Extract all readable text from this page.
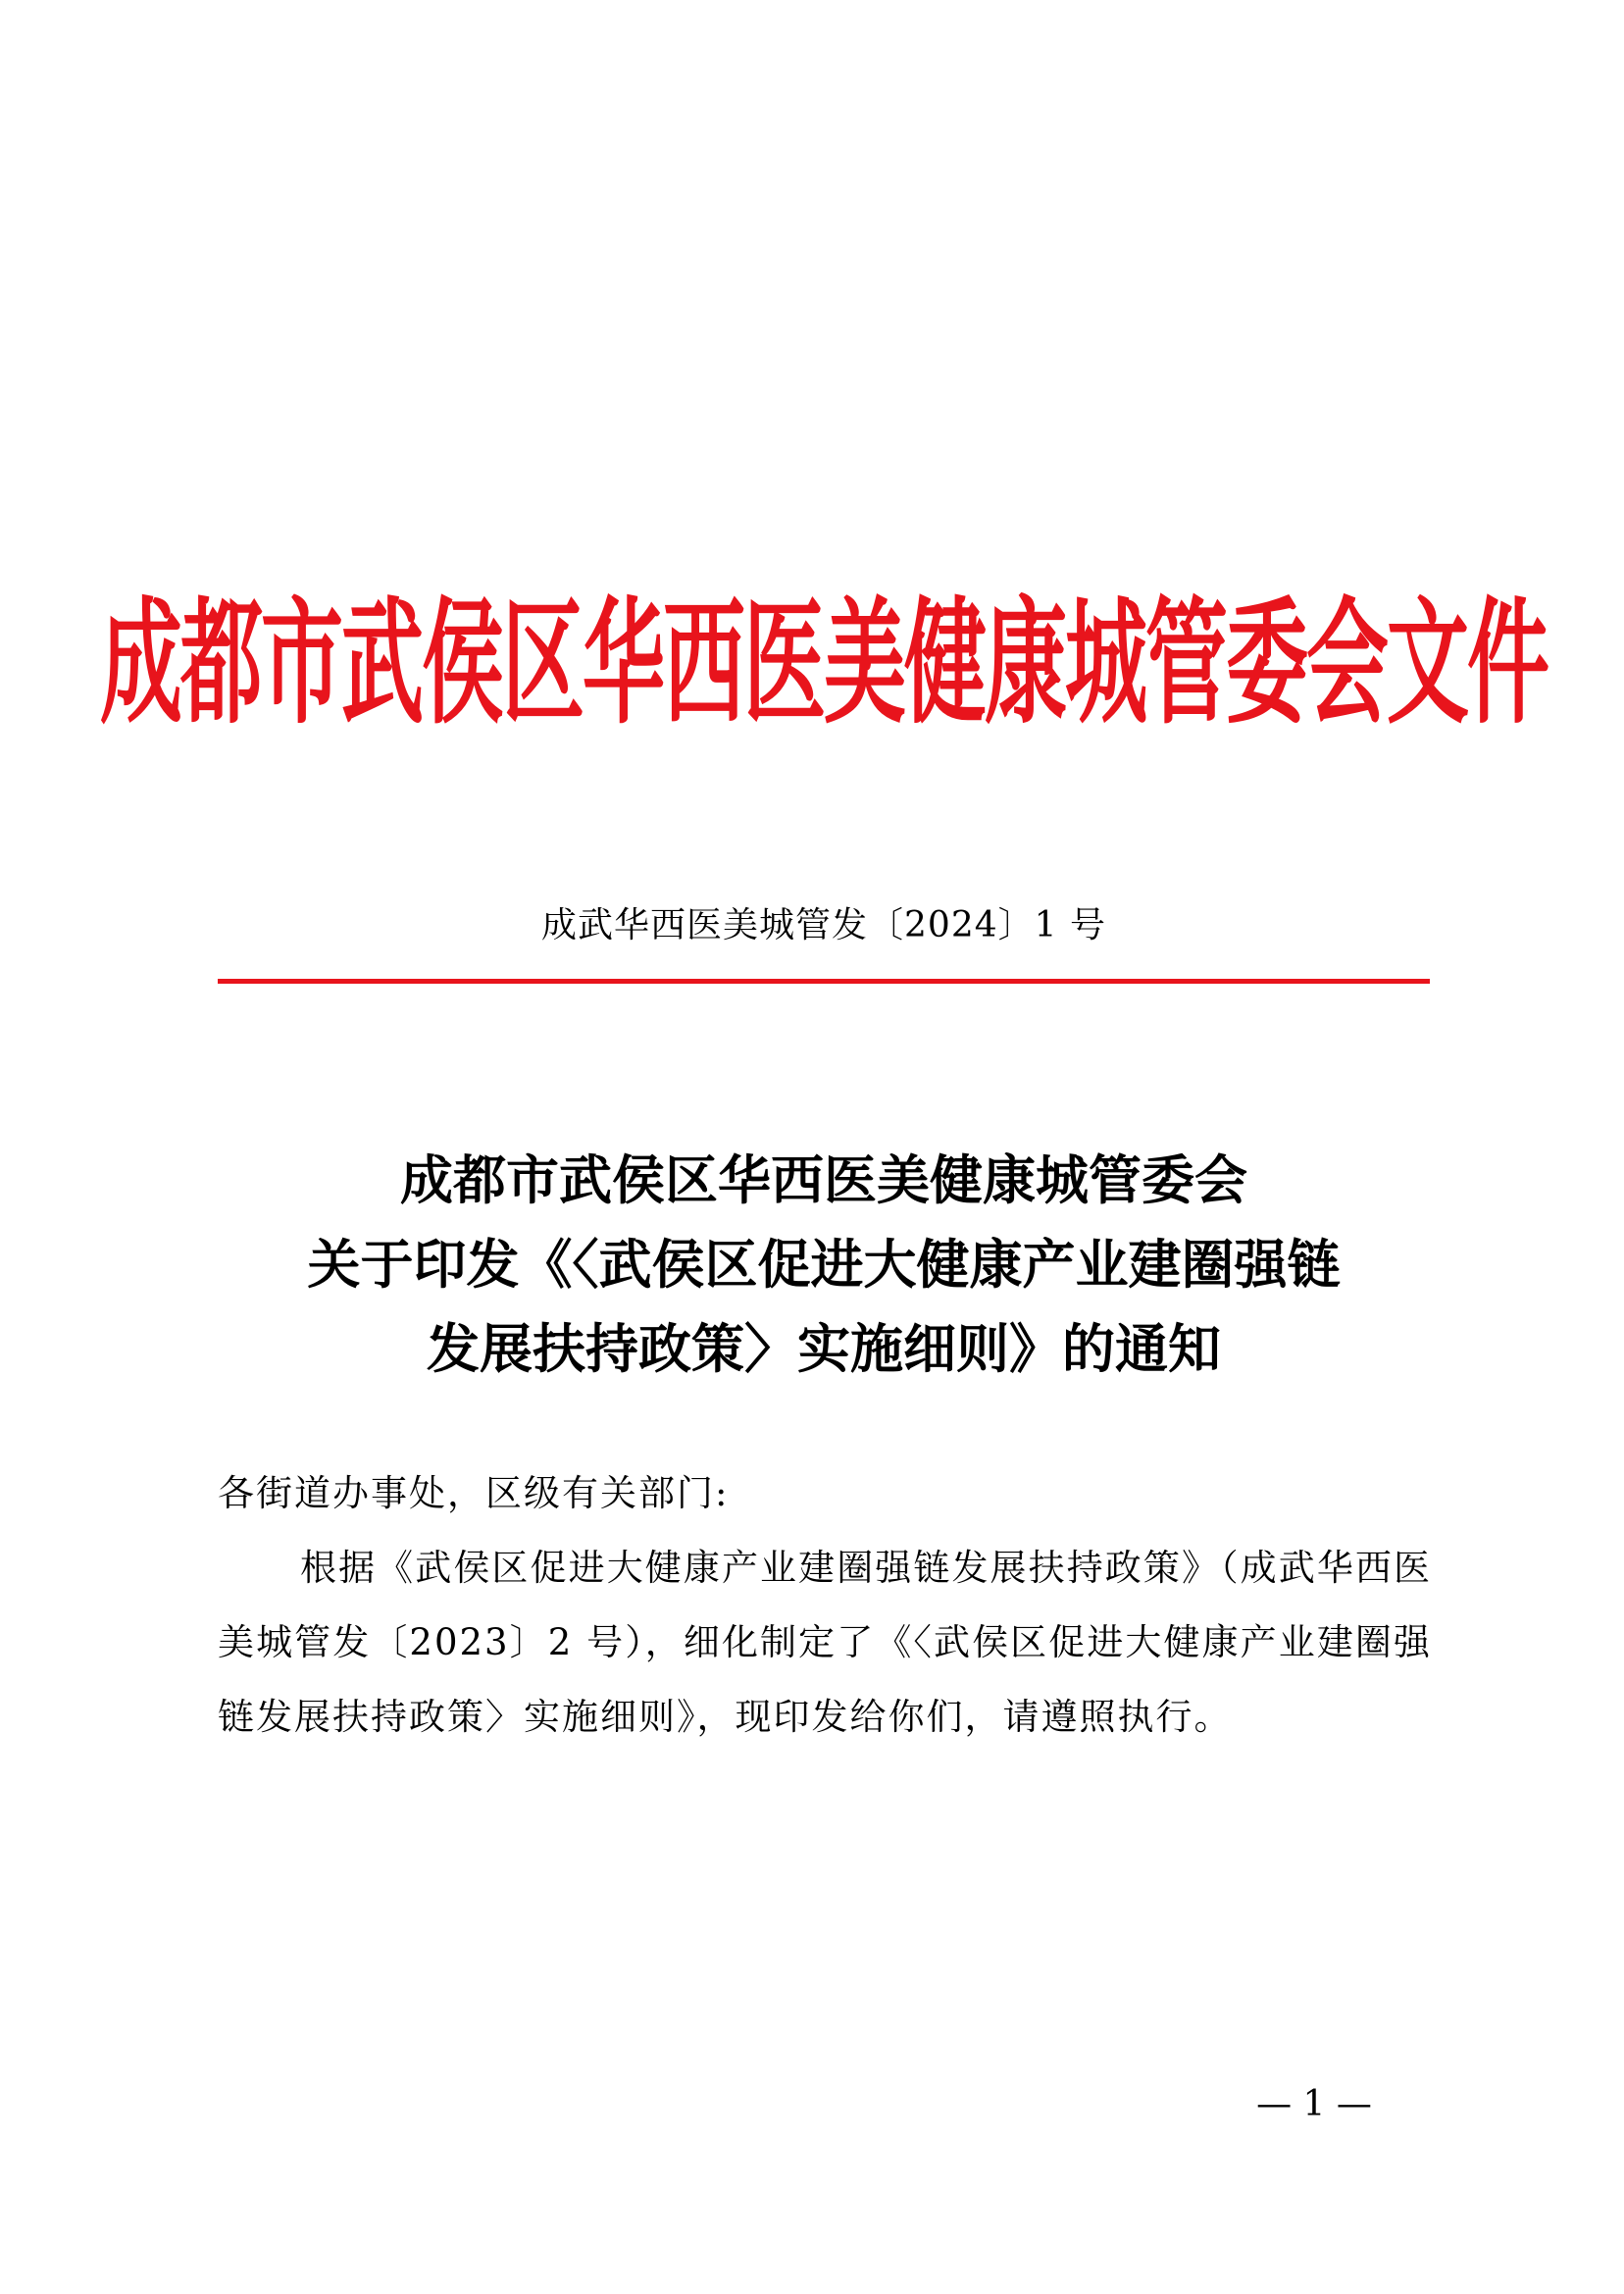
成都市武侯区华西医美健康城管委会文件
成武华西医美城管发〔2024〕1 号
成都市武侯区华西医美健康城管委会
关于印发《〈武侯区促进大健康产业建圈强链
发展扶持政策〉实施细则》的通知
各街道办事处，区级有关部门:
根据《武侯区促进大健康产业建圈强链发展扶持政策》（成武华西医美城管发〔2023〕2 号），细化制定了《〈武侯区促进大健康产业建圈强链发展扶持政策〉实施细则》，现印发给你们，请遵照执行。
— 1 —
